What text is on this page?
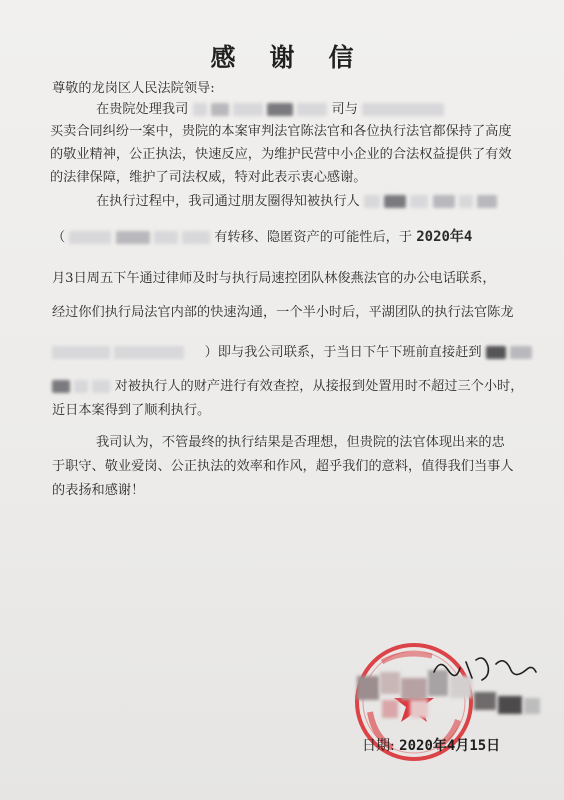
感谢信
尊敬的龙岗区人民法院领导:
在贵院处理我司	司与
买卖合同纠纷一案中，贵院的本案审判法官陈法官和各位执行法官都保持了高度
的敬业精神，公正执法，快速反应，为维护民营中小企业的合法权益提供了有效
的法律保障，维护了司法权威，特对此表示衷心感谢。
在执行过程中，我司通过朋友圈得知被执行人
（	有转移、隐匿资产的可能性后，于 2020年4
月3日周五下午通过律师及时与执行局速控团队林俊燕法官的办公电话联系，
经过你们执行局法官内部的快速沟通，一个半小时后，平湖团队的执行法官陈龙
）即与我公司联系，于当日下午下班前直接赶到
对被执行人的财产进行有效查控，从接报到处置用时不超过三个小时，
近日本案得到了顺利执行。
我司认为，不管最终的执行结果是否理想，但贵院的法官体现出来的忠
于职守、敬业爱岗、公正执法的效率和作风，超乎我们的意料，值得我们当事人
的表扬和感谢！
日期: 2020年4月15日
